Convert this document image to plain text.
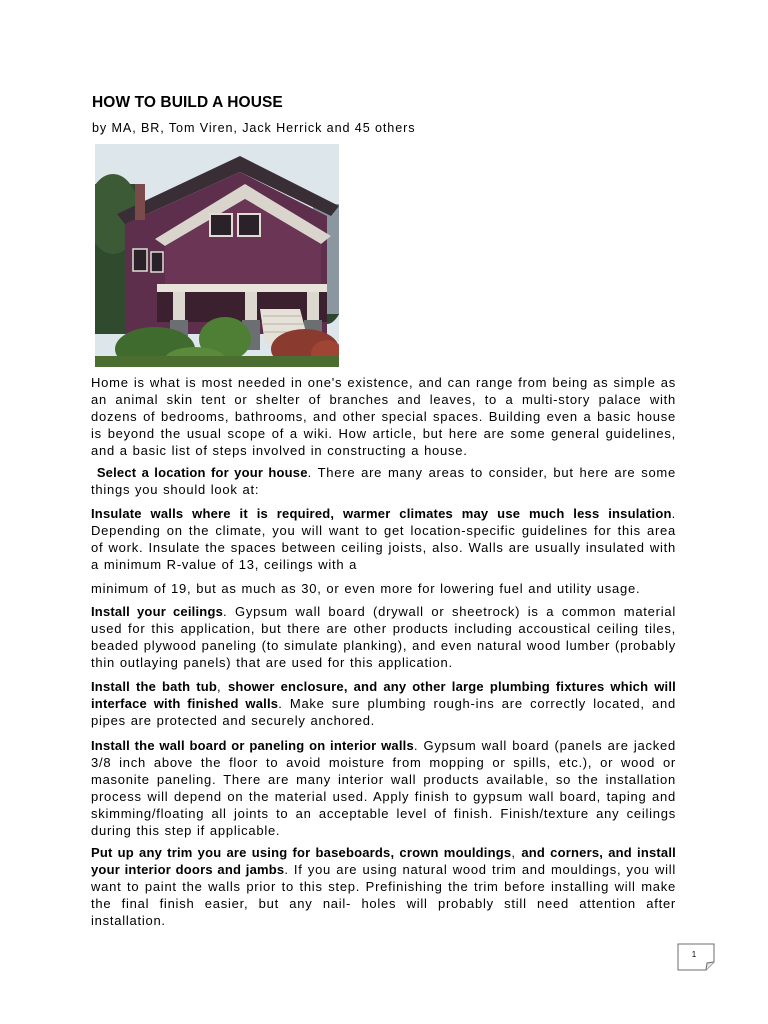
HOW TO BUILD A HOUSE
by MA, BR, Tom Viren, Jack Herrick and 45 others

Home is what is most needed in one's existence, and can range from being as simple as an animal skin tent or shelter of branches and leaves, to a multi-story palace with dozens of bedrooms, bathrooms, and other special spaces. Building even a basic house is beyond the usual scope of a wiki. How article, but here are some general guidelines, and a basic list of steps involved in constructing a house.

Select a location for your house. There are many areas to consider, but here are some things you should look at:

Insulate walls where it is required, warmer climates may use much less insulation. Depending on the climate, you will want to get location-specific guidelines for this area of work. Insulate the spaces between ceiling joists, also. Walls are usually insulated with a minimum R-value of 13, ceilings with a

minimum of 19, but as much as 30, or even more for lowering fuel and utility usage.

Install your ceilings. Gypsum wall board (drywall or sheetrock) is a common material used for this application, but there are other products including accoustical ceiling tiles, beaded plywood paneling (to simulate planking), and even natural wood lumber (probably thin outlaying panels) that are used for this application.

Install the bath tub, shower enclosure, and any other large plumbing fixtures which will interface with finished walls. Make sure plumbing rough-ins are correctly located, and pipes are protected and securely anchored.

Install the wall board or paneling on interior walls. Gypsum wall board (panels are jacked 3/8 inch above the floor to avoid moisture from mopping or spills, etc.), or wood or masonite paneling. There are many interior wall products available, so the installation process will depend on the material used. Apply finish to gypsum wall board, taping and skimming/floating all joints to an acceptable level of finish. Finish/texture any ceilings during this step if applicable.

Put up any trim you are using for baseboards, crown mouldings, and corners, and install your interior doors and jambs. If you are using natural wood trim and mouldings, you will want to paint the walls prior to this step. Prefinishing the trim before installing will make the final finish easier, but any nail- holes will probably still need attention after installation.

1
